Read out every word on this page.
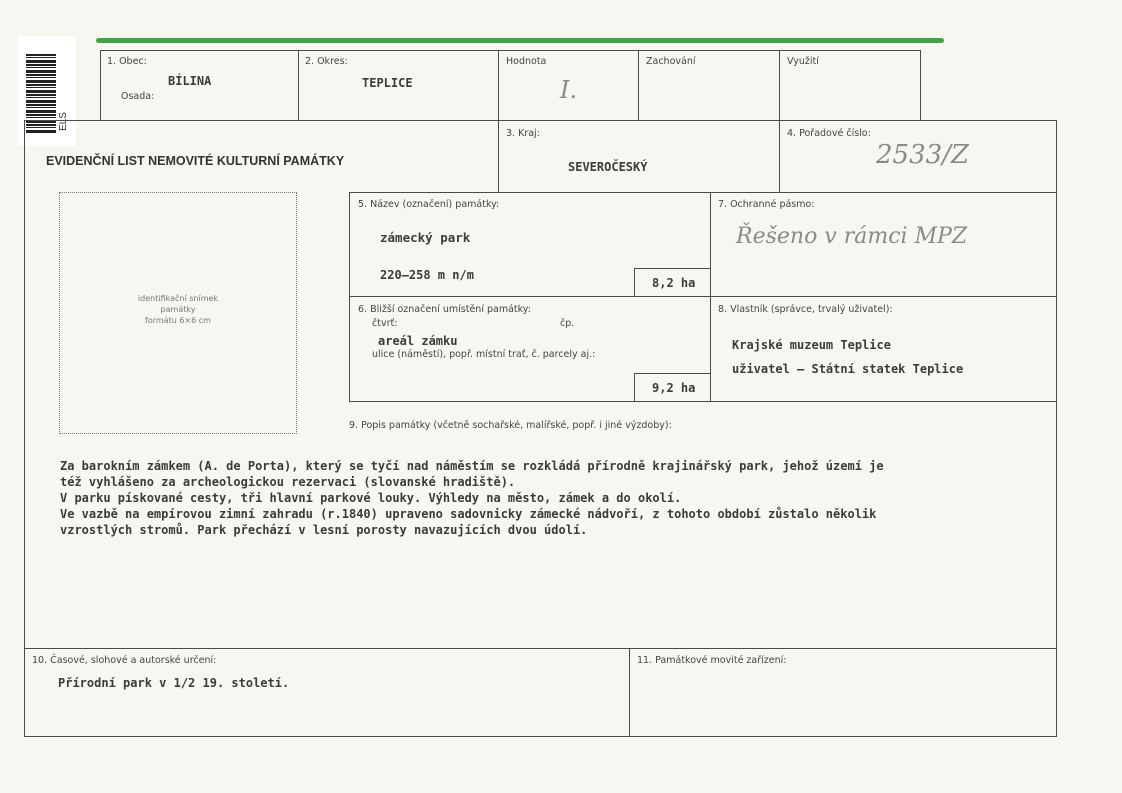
ELS
1. Obec:
BÍLINA
Osada:
2. Okres:
TEPLICE
Hodnota
I.
Zachování	Využití
EVIDENČNÍ LIST NEMOVITÉ KULTURNÍ PAMÁTKY
3. Kraj:
SEVEROČESKÝ
4. Pořadové číslo:
2533/Z
identifikační snímek
památky
formátu 6×6 cm
5. Název (označení) památky:
zámecký park
220–258 m n/m
8,2 ha
7. Ochranné pásmo:
Řešeno v rámci MPZ
6. Bližší označení umístění památky:
čtvrť:	čp.
areál zámku
ulice (náměstí), popř. místní trať, č. parcely aj.:
9,2 ha
8. Vlastník (správce, trvalý uživatel):
Krajské muzeum Teplice
uživatel – Státní statek Teplice
9. Popis památky (včetně sochařské, malířské, popř. i jiné výzdoby):
Za barokním zámkem (A. de Porta), který se tyčí nad náměstím se rozkládá přírodně krajinářský park, jehož území je
též vyhlášeno za archeologickou rezervaci (slovanské hradiště).
V parku pískované cesty, tři hlavní parkové louky. Výhledy na město, zámek a do okolí.
Ve vazbě na empírovou zimní zahradu (r.1840) upraveno sadovnicky zámecké nádvoří, z tohoto období zůstalo několik
vzrostlých stromů. Park přechází v lesní porosty navazujících dvou údolí.
10. Časové, slohové a autorské určení:
Přírodní park v 1/2 19. století.
11. Památkové movité zařízení:
